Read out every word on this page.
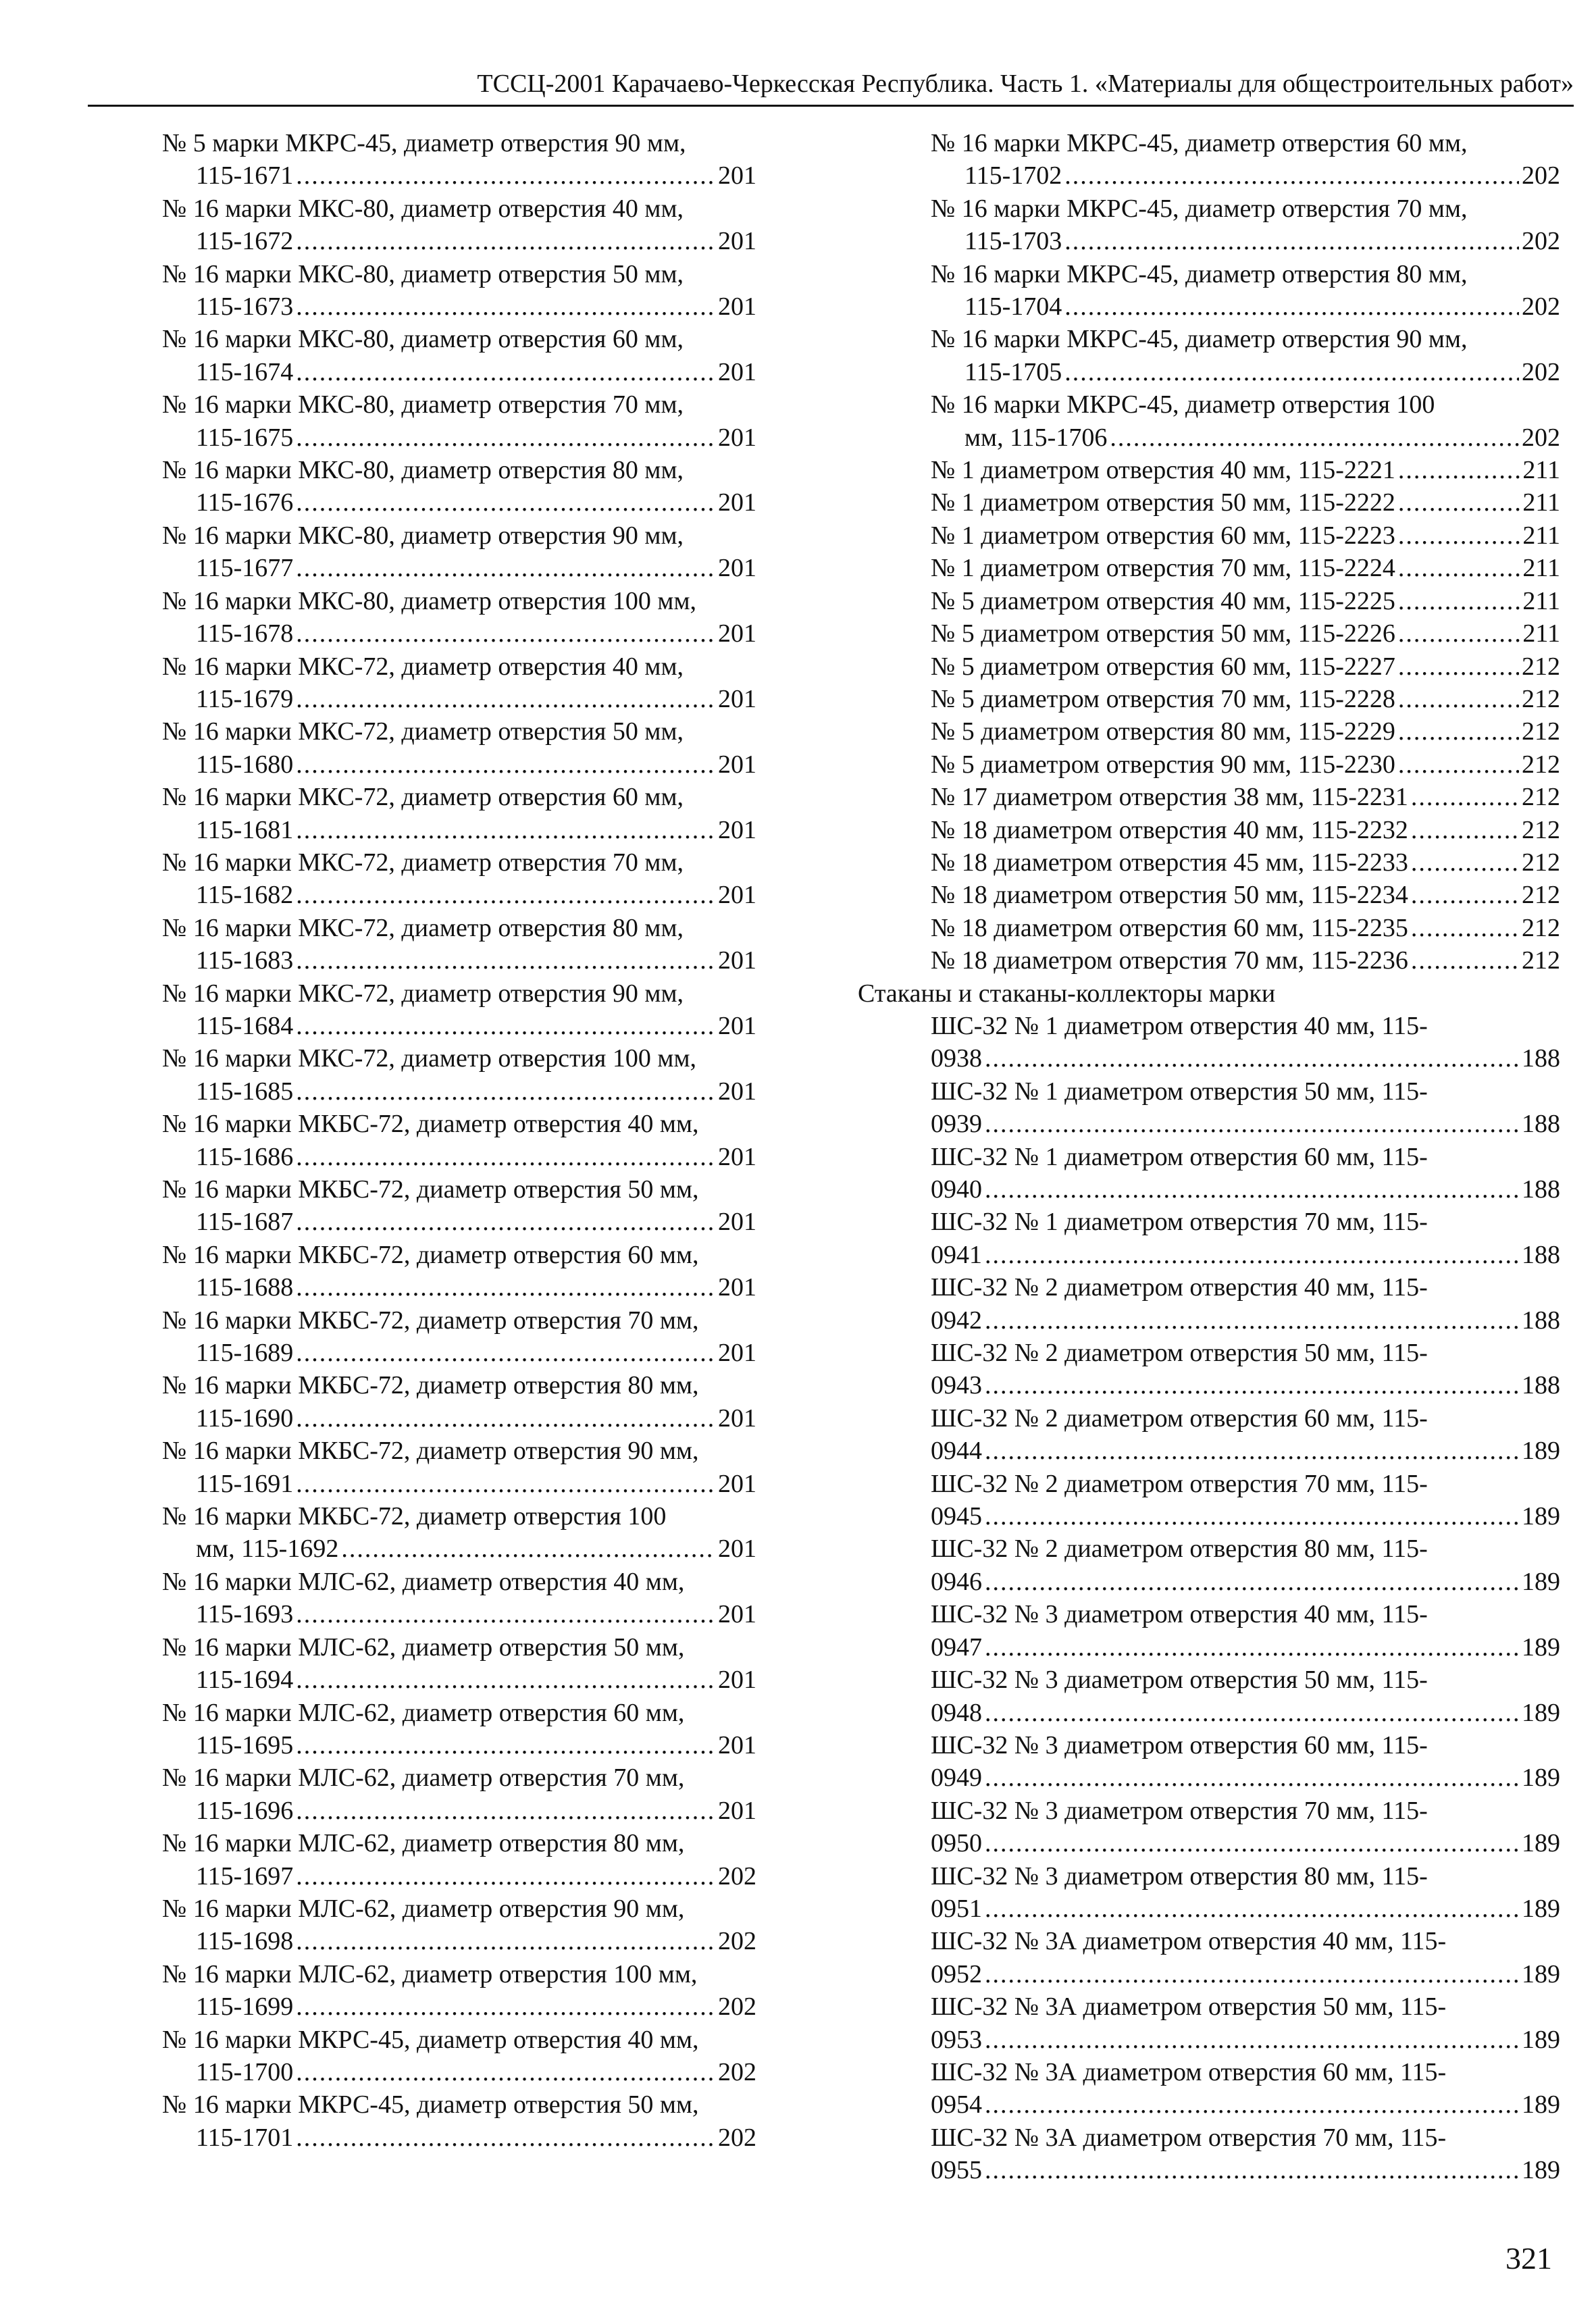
ТССЦ-2001 Карачаево-Черкесская Республика. Часть 1. «Материалы для общестроительных работ»
№ 5 марки МКРС-45, диаметр отверстия 90 мм,
115-1671 .....	201
№ 16 марки МКС-80, диаметр отверстия 40 мм,
115-1672 .....	201
№ 16 марки МКС-80, диаметр отверстия 50 мм,
115-1673 .....	201
№ 16 марки МКС-80, диаметр отверстия 60 мм,
115-1674 .....	201
№ 16 марки МКС-80, диаметр отверстия 70 мм,
115-1675 .....	201
№ 16 марки МКС-80, диаметр отверстия 80 мм,
115-1676 .....	201
№ 16 марки МКС-80, диаметр отверстия 90 мм,
115-1677 .....	201
№ 16 марки МКС-80, диаметр отверстия 100 мм,
115-1678 .....	201
№ 16 марки МКС-72, диаметр отверстия 40 мм,
115-1679 .....	201
№ 16 марки МКС-72, диаметр отверстия 50 мм,
115-1680 .....	201
№ 16 марки МКС-72, диаметр отверстия 60 мм,
115-1681 .....	201
№ 16 марки МКС-72, диаметр отверстия 70 мм,
115-1682 .....	201
№ 16 марки МКС-72, диаметр отверстия 80 мм,
115-1683 .....	201
№ 16 марки МКС-72, диаметр отверстия 90 мм,
115-1684 .....	201
№ 16 марки МКС-72, диаметр отверстия 100 мм,
115-1685 .....	201
№ 16 марки МКБС-72, диаметр отверстия 40 мм,
115-1686 .....	201
№ 16 марки МКБС-72, диаметр отверстия 50 мм,
115-1687 .....	201
№ 16 марки МКБС-72, диаметр отверстия 60 мм,
115-1688 .....	201
№ 16 марки МКБС-72, диаметр отверстия 70 мм,
115-1689 .....	201
№ 16 марки МКБС-72, диаметр отверстия 80 мм,
115-1690 .....	201
№ 16 марки МКБС-72, диаметр отверстия 90 мм,
115-1691 .....	201
№ 16 марки МКБС-72, диаметр отверстия 100
мм, 115-1692 .....	201
№ 16 марки МЛС-62, диаметр отверстия 40 мм,
115-1693 .....	201
№ 16 марки МЛС-62, диаметр отверстия 50 мм,
115-1694 .....	201
№ 16 марки МЛС-62, диаметр отверстия 60 мм,
115-1695 .....	201
№ 16 марки МЛС-62, диаметр отверстия 70 мм,
115-1696 .....	201
№ 16 марки МЛС-62, диаметр отверстия 80 мм,
115-1697 .....	202
№ 16 марки МЛС-62, диаметр отверстия 90 мм,
115-1698 .....	202
№ 16 марки МЛС-62, диаметр отверстия 100 мм,
115-1699 .....	202
№ 16 марки МКРС-45, диаметр отверстия 40 мм,
115-1700 .....	202
№ 16 марки МКРС-45, диаметр отверстия 50 мм,
115-1701 .....	202
№ 16 марки МКРС-45, диаметр отверстия 60 мм,
115-1702 .....	202
№ 16 марки МКРС-45, диаметр отверстия 70 мм,
115-1703 .....	202
№ 16 марки МКРС-45, диаметр отверстия 80 мм,
115-1704 .....	202
№ 16 марки МКРС-45, диаметр отверстия 90 мм,
115-1705 .....	202
№ 16 марки МКРС-45, диаметр отверстия 100
мм, 115-1706 .....	202
№ 1 диаметром отверстия 40 мм, 115-2221 .....	211
№ 1 диаметром отверстия 50 мм, 115-2222 .....	211
№ 1 диаметром отверстия 60 мм, 115-2223 .....	211
№ 1 диаметром отверстия 70 мм, 115-2224 .....	211
№ 5 диаметром отверстия 40 мм, 115-2225 .....	211
№ 5 диаметром отверстия 50 мм, 115-2226 .....	211
№ 5 диаметром отверстия 60 мм, 115-2227 .....	212
№ 5 диаметром отверстия 70 мм, 115-2228 .....	212
№ 5 диаметром отверстия 80 мм, 115-2229 .....	212
№ 5 диаметром отверстия 90 мм, 115-2230 .....	212
№ 17 диаметром отверстия 38 мм, 115-2231 .....	212
№ 18 диаметром отверстия 40 мм, 115-2232 .....	212
№ 18 диаметром отверстия 45 мм, 115-2233 .....	212
№ 18 диаметром отверстия 50 мм, 115-2234 .....	212
№ 18 диаметром отверстия 60 мм, 115-2235 .....	212
№ 18 диаметром отверстия 70 мм, 115-2236 .....	212
Стаканы и стаканы-коллекторы марки
ШС-32 № 1 диаметром отверстия 40 мм, 115-
0938 .....	188
ШС-32 № 1 диаметром отверстия 50 мм, 115-
0939 .....	188
ШС-32 № 1 диаметром отверстия 60 мм, 115-
0940 .....	188
ШС-32 № 1 диаметром отверстия 70 мм, 115-
0941 .....	188
ШС-32 № 2 диаметром отверстия 40 мм, 115-
0942 .....	188
ШС-32 № 2 диаметром отверстия 50 мм, 115-
0943 .....	188
ШС-32 № 2 диаметром отверстия 60 мм, 115-
0944 .....	189
ШС-32 № 2 диаметром отверстия 70 мм, 115-
0945 .....	189
ШС-32 № 2 диаметром отверстия 80 мм, 115-
0946 .....	189
ШС-32 № 3 диаметром отверстия 40 мм, 115-
0947 .....	189
ШС-32 № 3 диаметром отверстия 50 мм, 115-
0948 .....	189
ШС-32 № 3 диаметром отверстия 60 мм, 115-
0949 .....	189
ШС-32 № 3 диаметром отверстия 70 мм, 115-
0950 .....	189
ШС-32 № 3 диаметром отверстия 80 мм, 115-
0951 .....	189
ШС-32 № 3А диаметром отверстия 40 мм, 115-
0952 .....	189
ШС-32 № 3А диаметром отверстия 50 мм, 115-
0953 .....	189
ШС-32 № 3А диаметром отверстия 60 мм, 115-
0954 .....	189
ШС-32 № 3А диаметром отверстия 70 мм, 115-
0955 .....	189
321
